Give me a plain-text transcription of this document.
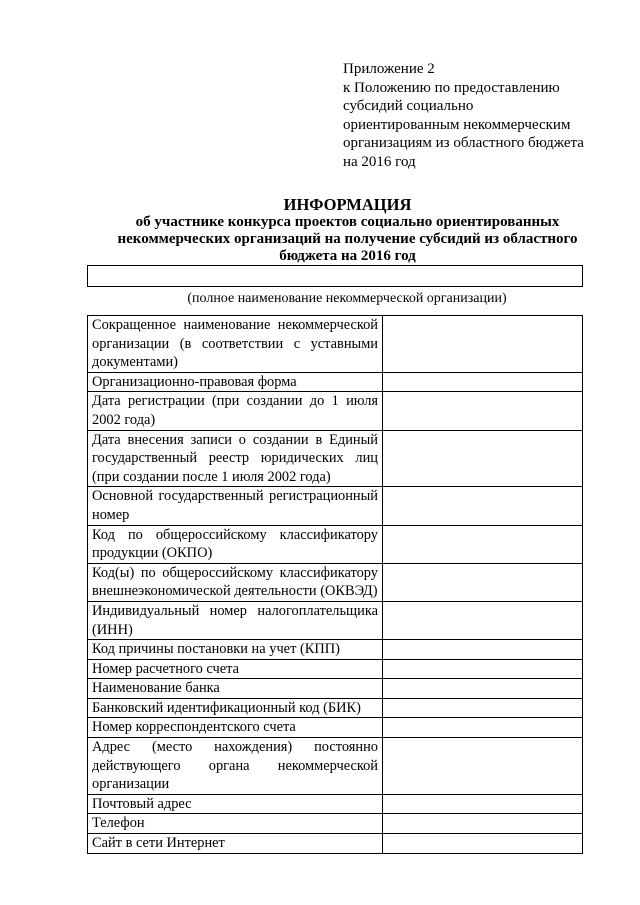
Приложение 2
к Положению по предоставлению
субсидий социально
ориентированным некоммерческим
организациям из областного бюджета
на 2016 год
ИНФОРМАЦИЯ
об участнике конкурса проектов социально ориентированных
некоммерческих организаций на получение субсидий из областного
бюджета на 2016 год
(полное наименование некоммерческой организации)
Сокращенное наименование некоммерческой организации (в соответствии с уставными документами)	
Организационно-правовая форма	
Дата регистрации (при создании до 1 июля 2002 года)	
Дата внесения записи о создании в Единый государственный реестр юридических лиц (при создании после 1 июля 2002 года)	
Основной государственный регистрационный номер	
Код по общероссийскому классификатору продукции (ОКПО)	
Код(ы) по общероссийскому классификатору внешнеэкономической деятельности (ОКВЭД)	
Индивидуальный номер налогоплательщика (ИНН)	
Код причины постановки на учет (КПП)	
Номер расчетного счета	
Наименование банка	
Банковский идентификационный код (БИК)	
Номер корреспондентского счета	
Адрес (место нахождения) постоянно действующего органа некоммерческой организации	
Почтовый адрес	
Телефон	
Сайт в сети Интернет	
